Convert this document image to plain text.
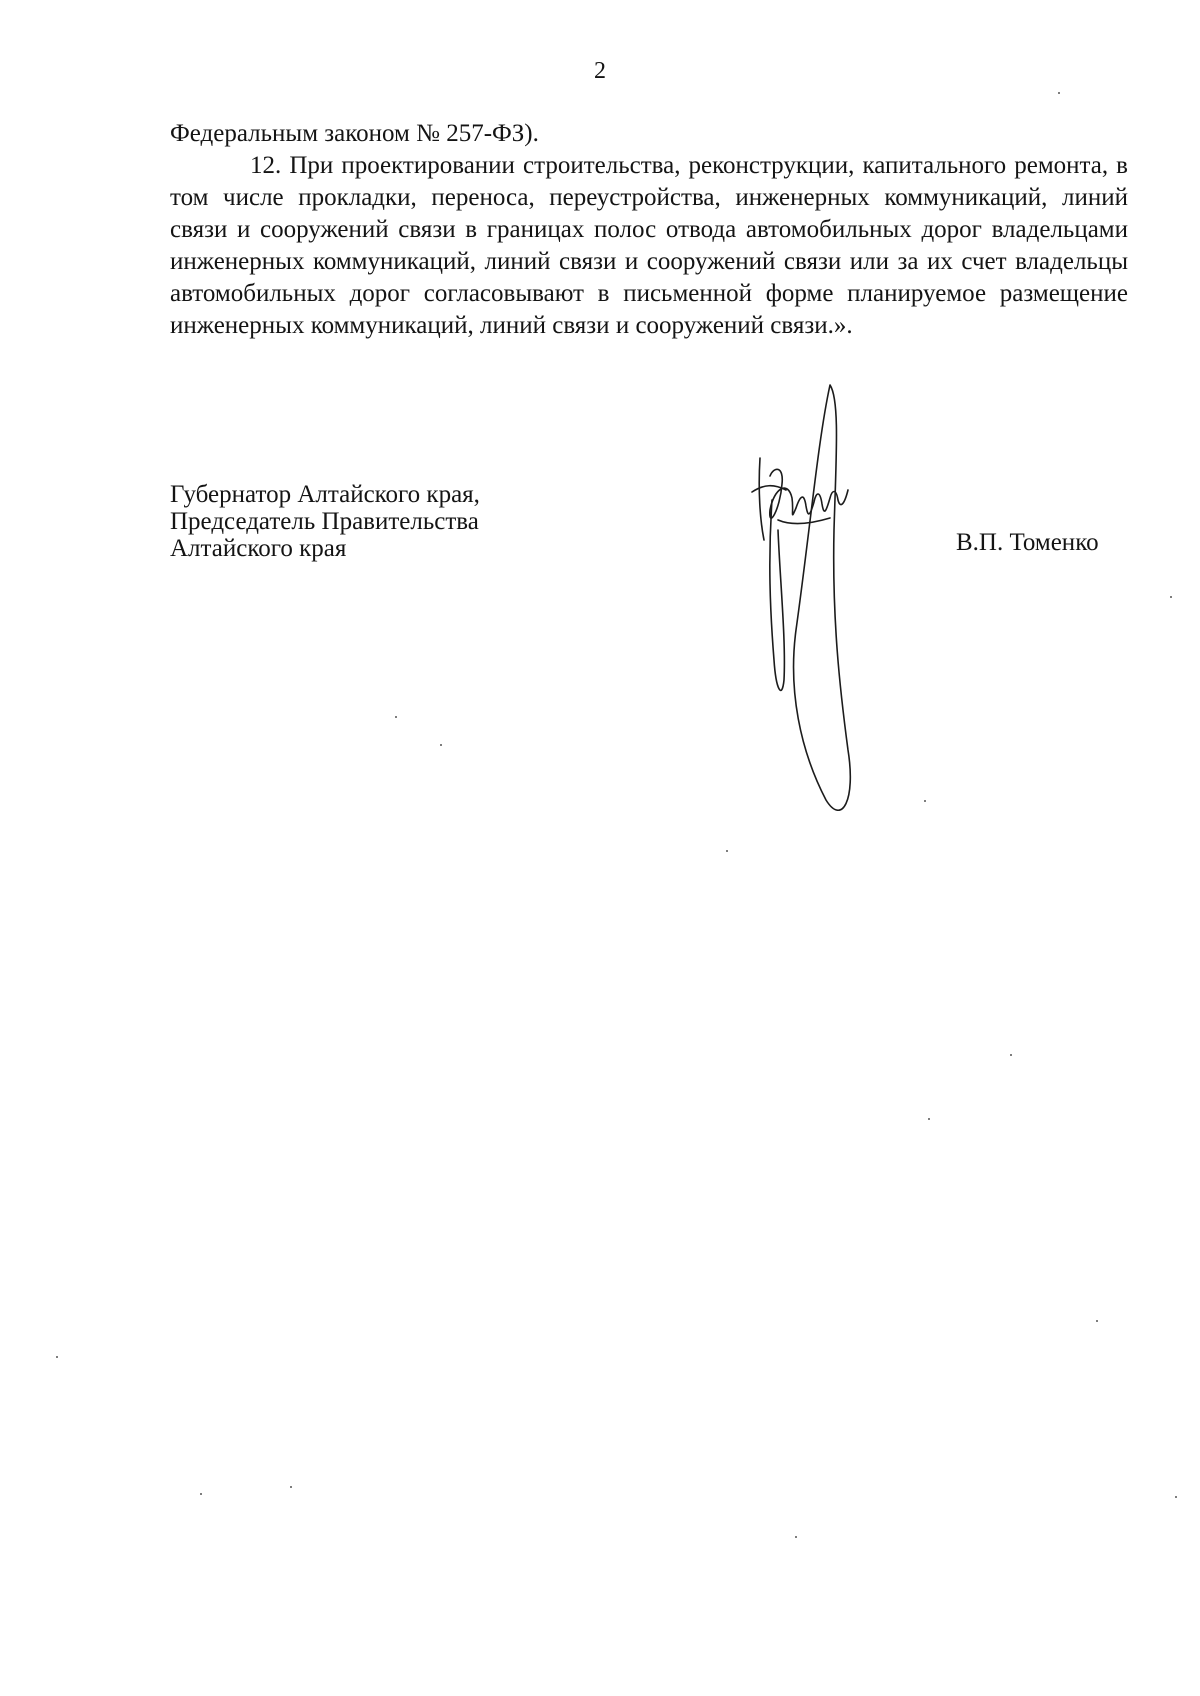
2

Федеральным законом № 257-ФЗ).

12. При проектировании строительства, реконструкции, капитального ремонта, в том числе прокладки, переноса, переустройства, инженерных коммуникаций, линий связи и сооружений связи в границах полос отвода автомобильных дорог владельцами инженерных коммуникаций, линий связи и сооружений связи или за их счет владельцы автомобильных дорог согласовывают в письменной форме планируемое размещение инженерных коммуникаций, линий связи и сооружений связи.».

Губернатор Алтайского края,
Председатель Правительства
Алтайского края	В.П. Томенко
